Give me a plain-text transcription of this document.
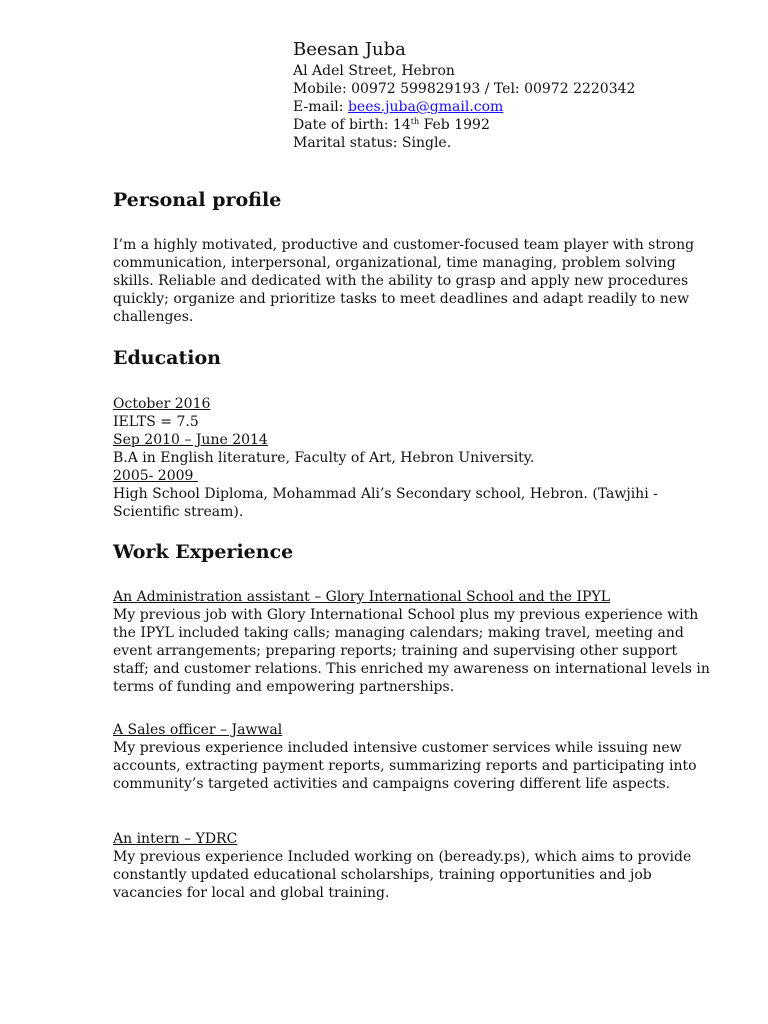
Beesan Juba
Al Adel Street, Hebron
Mobile: 00972 599829193 / Tel: 00972 2220342
E-mail: bees.juba@gmail.com
Date of birth: 14th Feb 1992
Marital status: Single.
Personal profile
I’m a highly motivated, productive and customer-focused team player with strong
communication, interpersonal, organizational, time managing, problem solving
skills. Reliable and dedicated with the ability to grasp and apply new procedures
quickly; organize and prioritize tasks to meet deadlines and adapt readily to new
challenges.
Education
October 2016
IELTS = 7.5
Sep 2010 – June 2014
B.A in English literature, Faculty of Art, Hebron University.
2005- 2009
High School Diploma, Mohammad Ali’s Secondary school, Hebron. (Tawjihi -
Scientific stream).
Work Experience
An Administration assistant – Glory International School and the IPYL
My previous job with Glory International School plus my previous experience with
the IPYL included taking calls; managing calendars; making travel, meeting and
event arrangements; preparing reports; training and supervising other support
staff; and customer relations. This enriched my awareness on international levels in
terms of funding and empowering partnerships.
A Sales officer – Jawwal
My previous experience included intensive customer services while issuing new
accounts, extracting payment reports, summarizing reports and participating into
community’s targeted activities and campaigns covering different life aspects.
An intern – YDRC
My previous experience Included working on (beready.ps), which aims to provide
constantly updated educational scholarships, training opportunities and job
vacancies for local and global training.
